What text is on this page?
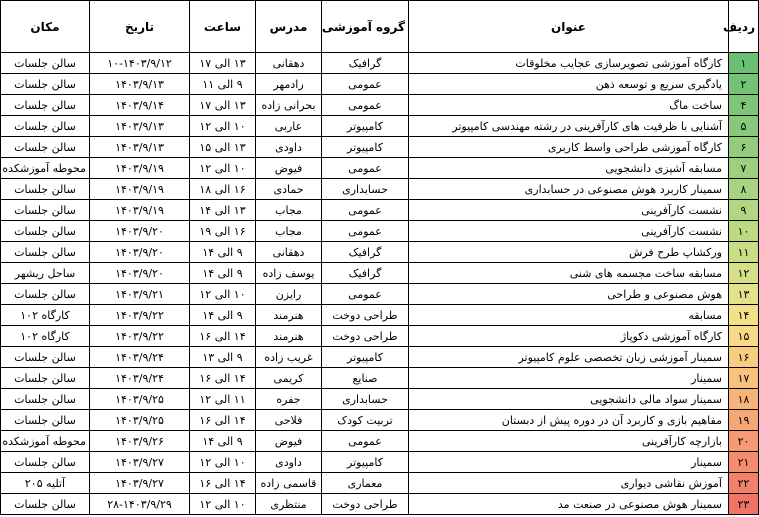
ردیف	عنوان	گروه آموزشی	مدرس	ساعت	تاریخ	مکان
۱	کارگاه آموزشی تصویرسازی عجایب مخلوقات	گرافیک	دهقانی	۱۳ الی ۱۷	۱۰-۱۴۰۳/۹/۱۲	سالن جلسات
۲	یادگیری سریع و توسعه ذهن	عمومی	رادمهر	۹ الی ۱۱	۱۴۰۳/۹/۱۳	سالن جلسات
۴	ساخت ماگ	عمومی	بحرانی زاده	۱۳ الی ۱۷	۱۴۰۳/۹/۱۴	سالن جلسات
۵	آشنایی با ظرفیت های کارآفرینی در رشته مهندسی کامپیوتر	کامپیوتر	عاربی	۱۰ الی ۱۲	۱۴۰۳/۹/۱۳	سالن جلسات
۶	کارگاه آموزشی طراحی واسط کاربری	کامپیوتر	داودی	۱۳ الی ۱۵	۱۴۰۳/۹/۱۳	سالن جلسات
۷	مسابقه آشپزی دانشجویی	عمومی	فیوض	۱۰ الی ۱۲	۱۴۰۳/۹/۱۹	محوطه آموزشکده
۸	سمینار کاربرد هوش مصنوعی در حسابداری	حسابداری	حمادی	۱۶ الی ۱۸	۱۴۰۳/۹/۱۹	سالن جلسات
۹	نشست کارآفرینی	عمومی	مجاب	۱۳ الی ۱۴	۱۴۰۳/۹/۱۹	سالن جلسات
۱۰	نشست کارآفرینی	عمومی	مجاب	۱۶ الی ۱۹	۱۴۰۳/۹/۲۰	سالن جلسات
۱۱	ورکشاپ طرح فرش	گرافیک	دهقانی	۹ الی ۱۴	۱۴۰۳/۹/۲۰	سالن جلسات
۱۲	مسابقه ساخت مجسمه های شنی	گرافیک	یوسف زاده	۹ الی ۱۴	۱۴۰۳/۹/۲۰	ساحل ریشهر
۱۳	هوش مصنوعی و طراحی	عمومی	رایزن	۱۰ الی ۱۲	۱۴۰۳/۹/۲۱	سالن جلسات
۱۴	مسابقه	طراحی دوخت	هنرمند	۹ الی ۱۴	۱۴۰۳/۹/۲۲	کارگاه ۱۰۲
۱۵	کارگاه آموزشی دکوپاژ	طراحی دوخت	هنرمند	۱۴ الی ۱۶	۱۴۰۳/۹/۲۲	کارگاه ۱۰۲
۱۶	سمینار آموزشی زبان تخصصی علوم کامپیوتر	کامپیوتر	غریب زاده	۹ الی ۱۳	۱۴۰۳/۹/۲۴	سالن جلسات
۱۷	سمینار	صنایع	کریمی	۱۴ الی ۱۶	۱۴۰۳/۹/۲۴	سالن جلسات
۱۸	سمینار سواد مالی دانشجویی	حسابداری	جفره	۱۱ الی ۱۲	۱۴۰۳/۹/۲۵	سالن جلسات
۱۹	مفاهیم بازی و کاربرد آن در دوره پیش از دبستان	تربیت کودک	فلاحی	۱۴ الی ۱۶	۱۴۰۳/۹/۲۵	سالن جلسات
۲۰	بازارچه کارآفرینی	عمومی	فیوض	۹ الی ۱۴	۱۴۰۳/۹/۲۶	محوطه آموزشکده
۲۱	سمینار	کامپیوتر	داودی	۱۰ الی ۱۲	۱۴۰۳/۹/۲۷	سالن جلسات
۲۲	آموزش نقاشی دیواری	معماری	قاسمی زاده	۱۴ الی ۱۶	۱۴۰۳/۹/۲۷	آتلیه ۲۰۵
۲۳	سمینار هوش مصنوعی در صنعت مد	طراحی دوخت	منتظری	۱۰ الی ۱۲	۲۸-۱۴۰۳/۹/۲۹	سالن جلسات
